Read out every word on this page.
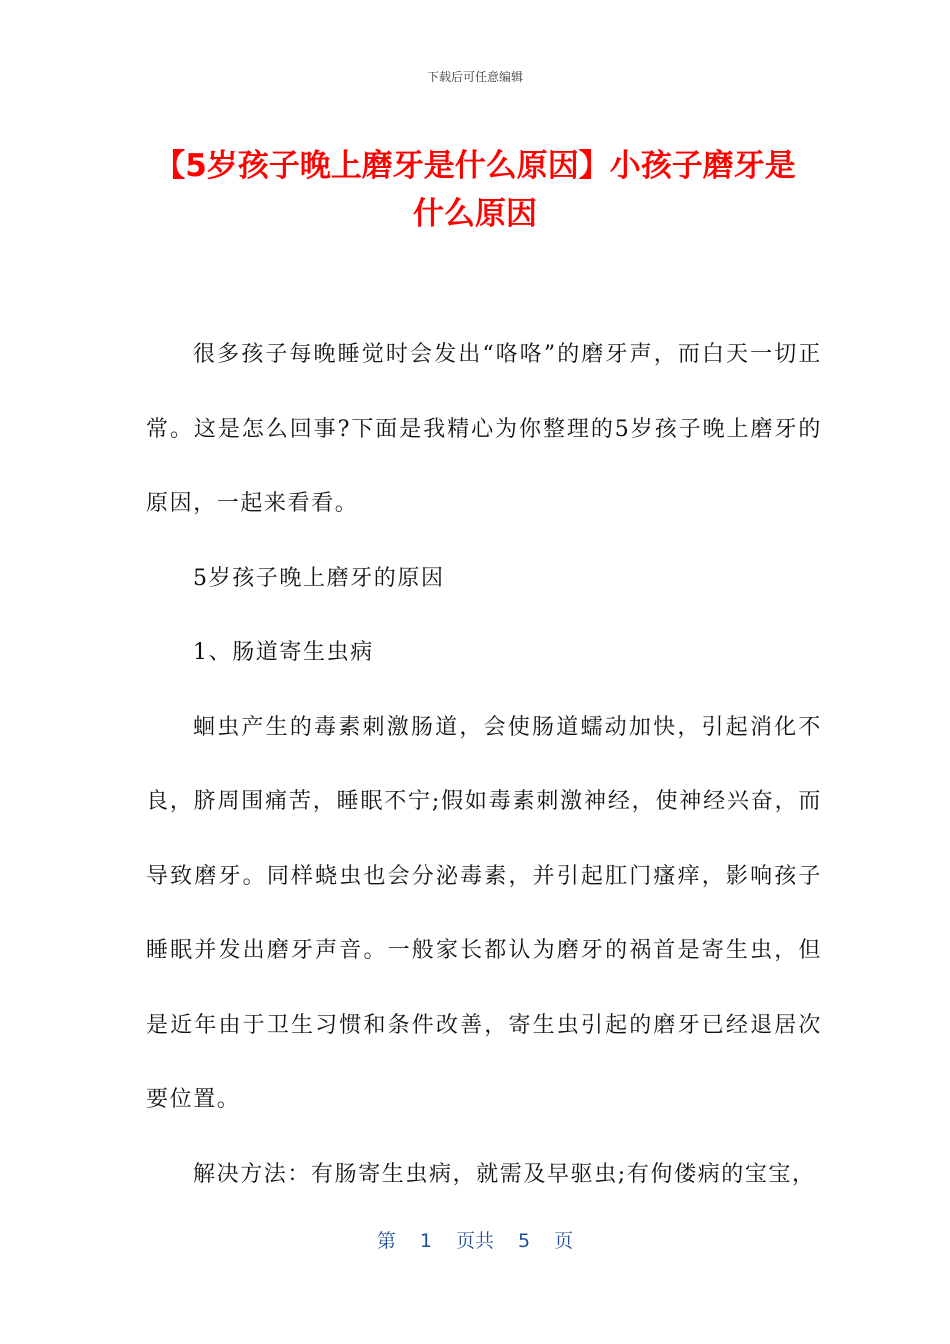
下载后可任意编辑
【5岁孩子晚上磨牙是什么原因】小孩子磨牙是什么原因

很多孩子每晚睡觉时会发出“咯咯”的磨牙声，而白天一切正常。这是怎么回事?下面是我精心为你整理的5岁孩子晚上磨牙的原因，一起来看看。

5岁孩子晚上磨牙的原因

1、肠道寄生虫病

蛔虫产生的毒素刺激肠道，会使肠道蠕动加快，引起消化不良，脐周围痛苦，睡眠不宁;假如毒素刺激神经，使神经兴奋，而导致磨牙。同样蛲虫也会分泌毒素，并引起肛门瘙痒，影响孩子睡眠并发出磨牙声音。一般家长都认为磨牙的祸首是寄生虫，但是近年由于卫生习惯和条件改善，寄生虫引起的磨牙已经退居次要位置。

解决方法：有肠寄生虫病，就需及早驱虫;有佝偻病的宝宝，

第 1 页共 5 页
